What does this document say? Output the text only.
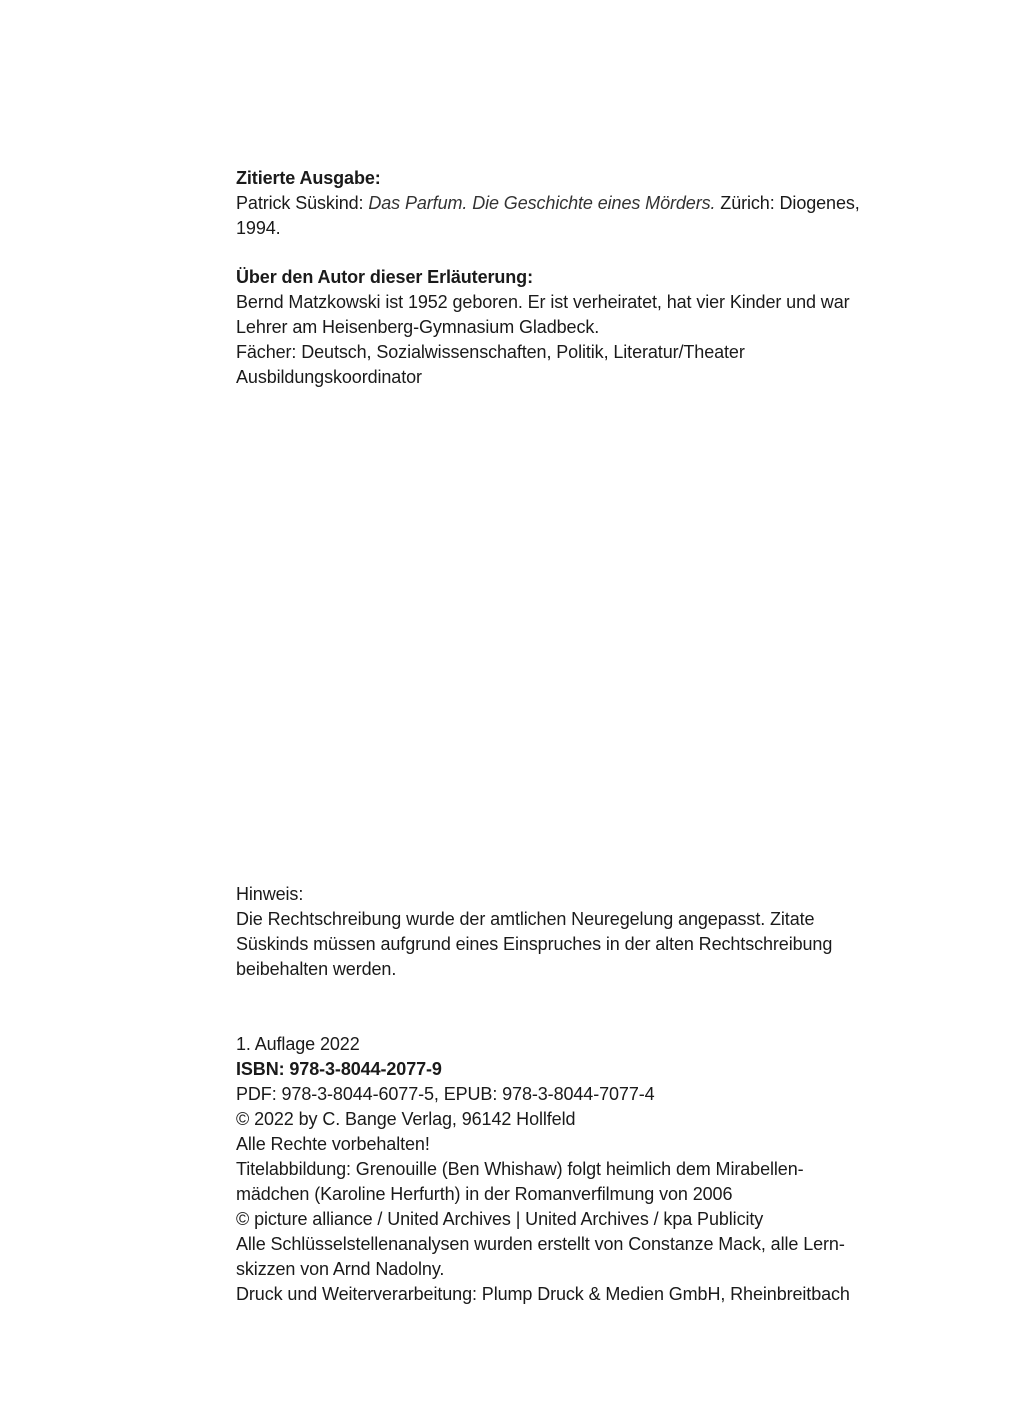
Zitierte Ausgabe:
Patrick Süskind: Das Parfum. Die Geschichte eines Mörders. Zürich: Diogenes,
1994.
Über den Autor dieser Erläuterung:
Bernd Matzkowski ist 1952 geboren. Er ist verheiratet, hat vier Kinder und war
Lehrer am Heisenberg-Gymnasium Gladbeck.
Fächer: Deutsch, Sozialwissenschaften, Politik, Literatur/Theater
Ausbildungskoordinator
Hinweis:
Die Rechtschreibung wurde der amtlichen Neuregelung angepasst. Zitate
Süskinds müssen aufgrund eines Einspruches in der alten Rechtschreibung
beibehalten werden.
1. Auflage 2022
ISBN: 978-3-8044-2077-9
PDF: 978-3-8044-6077-5, EPUB: 978-3-8044-7077-4
© 2022 by C. Bange Verlag, 96142 Hollfeld
Alle Rechte vorbehalten!
Titelabbildung: Grenouille (Ben Whishaw) folgt heimlich dem Mirabellen-
mädchen (Karoline Herfurth) in der Romanverfilmung von 2006
© picture alliance / United Archives | United Archives / kpa Publicity
Alle Schlüsselstellenanalysen wurden erstellt von Constanze Mack, alle Lern-
skizzen von Arnd Nadolny.
Druck und Weiterverarbeitung: Plump Druck & Medien GmbH, Rheinbreitbach
